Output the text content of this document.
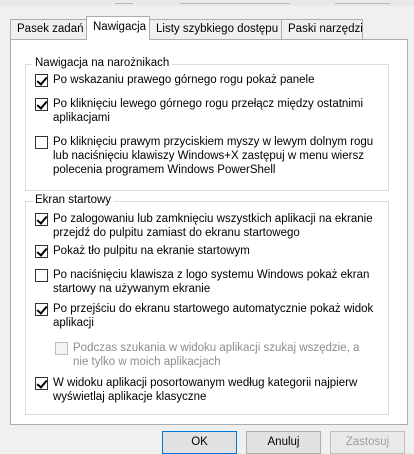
Pasek zadań Nawigacja Listy szybkiego dostępu Paski narzędzi
Nawigacja na narożnikach
Po wskazaniu prawego górnego rogu pokaż panele
Po kliknięciu lewego górnego rogu przełącz między ostatnimi aplikacjami
Po kliknięciu prawym przyciskiem myszy w lewym dolnym rogu lub naciśnięciu klawiszy Windows+X zastępuj w menu wiersz polecenia programem Windows PowerShell
Ekran startowy
Po zalogowaniu lub zamknięciu wszystkich aplikacji na ekranie przejdź do pulpitu zamiast do ekranu startowego
Pokaż tło pulpitu na ekranie startowym
Po naciśnięciu klawisza z logo systemu Windows pokaż ekran startowy na używanym ekranie
Po przejściu do ekranu startowego automatycznie pokaż widok aplikacji
Podczas szukania w widoku aplikacji szukaj wszędzie, a nie tylko w moich aplikacjach
W widoku aplikacji posortowanym według kategorii najpierw wyświetlaj aplikacje klasyczne
OK	Anuluj	Zastosuj
